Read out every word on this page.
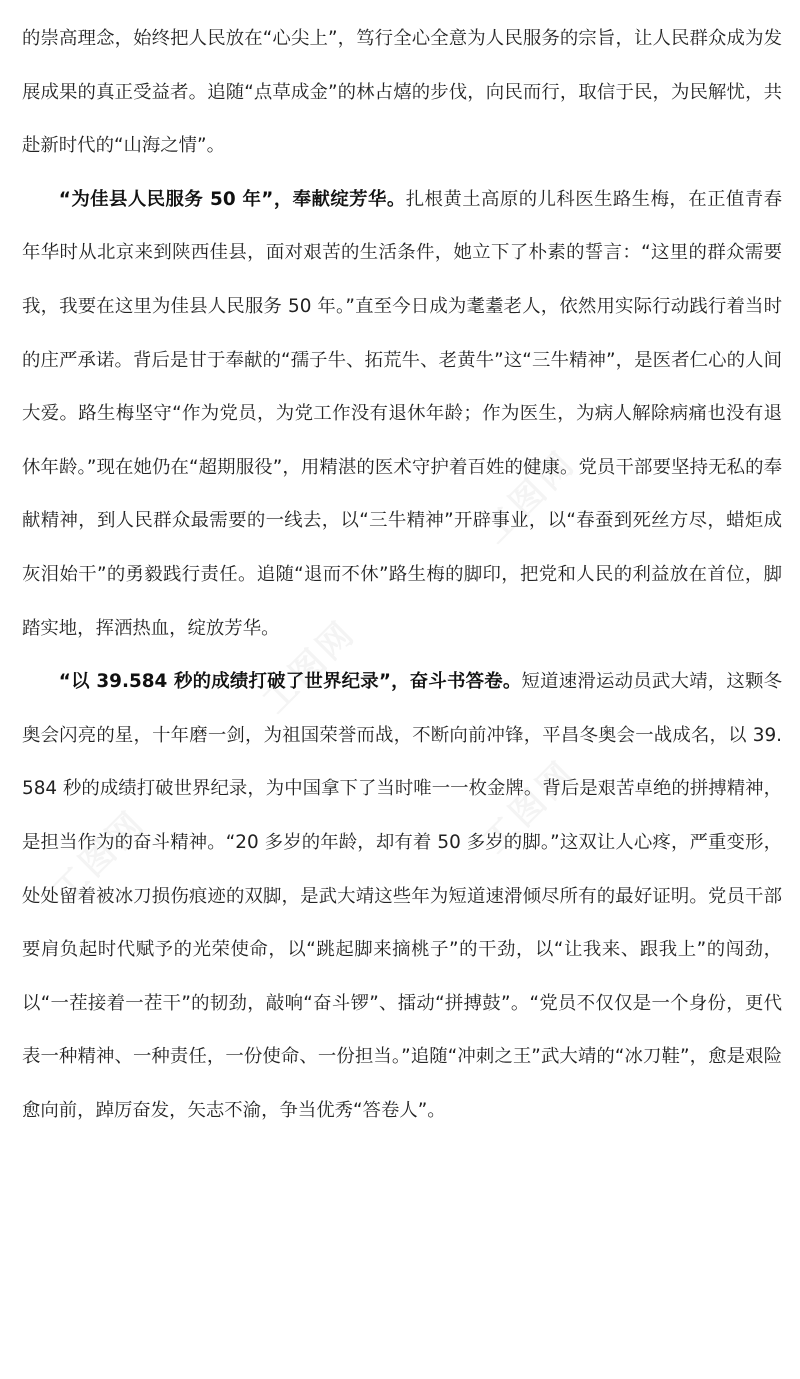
工图网
工图网
工图网	工图网

的崇高理念，始终把人民放在“心尖上”，笃行全心全意为人民服务的宗旨，让人民群众成为发展成果的真正受益者。追随“点草成金”的林占熺的步伐，向民而行，取信于民，为民解忧，共赴新时代的“山海之情”。

“为佳县人民服务 50 年”，奉献绽芳华。扎根黄土高原的儿科医生路生梅，在正值青春年华时从北京来到陕西佳县，面对艰苦的生活条件，她立下了朴素的誓言：“这里的群众需要我，我要在这里为佳县人民服务 50 年。”直至今日成为耄耋老人，依然用实际行动践行着当时的庄严承诺。背后是甘于奉献的“孺子牛、拓荒牛、老黄牛”这“三牛精神”，是医者仁心的人间大爱。路生梅坚守“作为党员，为党工作没有退休年龄；作为医生，为病人解除病痛也没有退休年龄。”现在她仍在“超期服役”，用精湛的医术守护着百姓的健康。党员干部要坚持无私的奉献精神，到人民群众最需要的一线去，以“三牛精神”开辟事业，以“春蚕到死丝方尽，蜡炬成灰泪始干”的勇毅践行责任。追随“退而不休”路生梅的脚印，把党和人民的利益放在首位，脚踏实地，挥洒热血，绽放芳华。

“以 39.584 秒的成绩打破了世界纪录”，奋斗书答卷。短道速滑运动员武大靖，这颗冬奥会闪亮的星，十年磨一剑，为祖国荣誉而战，不断向前冲锋，平昌冬奥会一战成名，以 39.584 秒的成绩打破世界纪录，为中国拿下了当时唯一一枚金牌。背后是艰苦卓绝的拼搏精神，是担当作为的奋斗精神。“20 多岁的年龄，却有着 50 多岁的脚。”这双让人心疼，严重变形，处处留着被冰刀损伤痕迹的双脚，是武大靖这些年为短道速滑倾尽所有的最好证明。党员干部要肩负起时代赋予的光荣使命，以“跳起脚来摘桃子”的干劲，以“让我来、跟我上”的闯劲，以“一茬接着一茬干”的韧劲，敲响“奋斗锣”、擂动“拼搏鼓”。“党员不仅仅是一个身份，更代表一种精神、一种责任，一份使命、一份担当。”追随“冲刺之王”武大靖的“冰刀鞋”，愈是艰险愈向前，踔厉奋发，矢志不渝，争当优秀“答卷人”。
